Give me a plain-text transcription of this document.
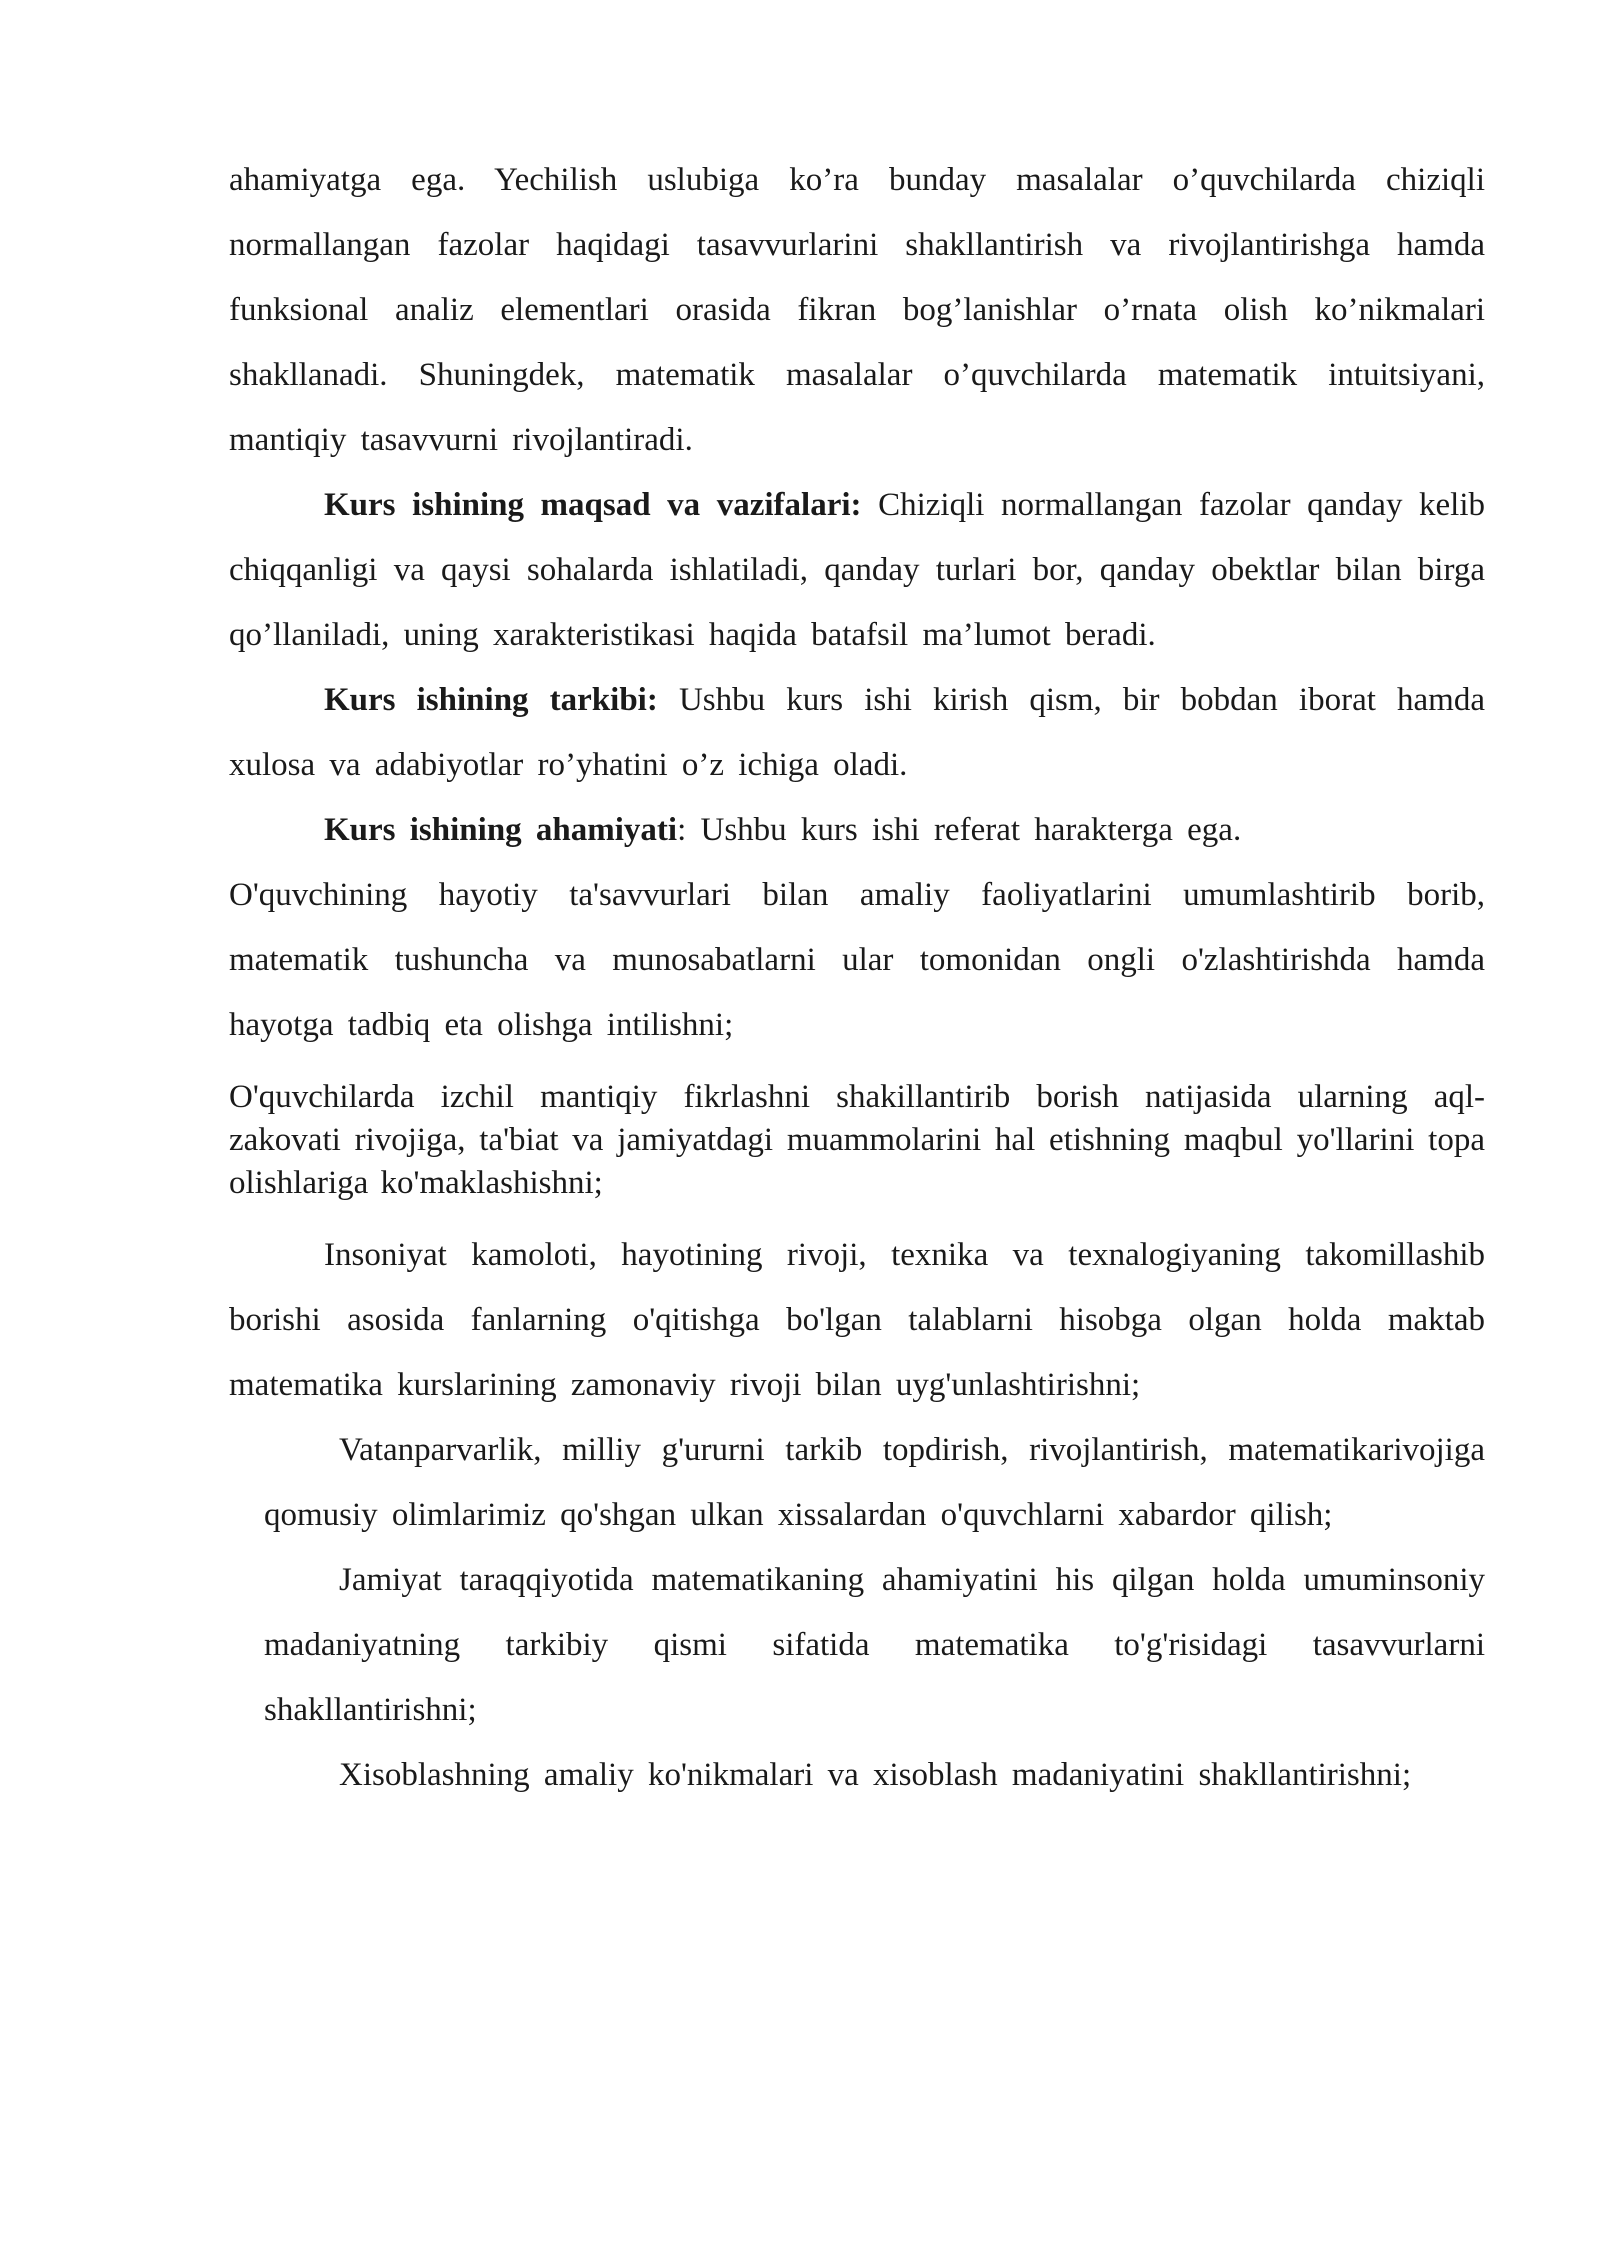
ahamiyatga ega. Yechilish uslubiga ko’ra bunday masalalar o’quvchilarda chiziqli normallangan fazolar haqidagi tasavvurlarini shakllantirish va rivojlantirishga hamda funksional analiz elementlari orasida fikran bog’lanishlar o’rnata olish ko’nikmalari shakllanadi. Shuningdek, matematik masalalar o’quvchilarda matematik intuitsiyani, mantiqiy tasavvurni rivojlantiradi.

Kurs ishining maqsad va vazifalari: Chiziqli normallangan fazolar qanday kelib chiqqanligi va qaysi sohalarda ishlatiladi, qanday turlari bor, qanday obektlar bilan birga qo’llaniladi, uning xarakteristikasi haqida batafsil ma’lumot beradi.

Kurs ishining tarkibi: Ushbu kurs ishi kirish qism, bir bobdan iborat hamda xulosa va adabiyotlar ro’yhatini o’z ichiga oladi.

Kurs ishining ahamiyati: Ushbu kurs ishi referat harakterga ega.

O'quvchining hayotiy ta'savvurlari bilan amaliy faoliyatlarini umumlashtirib borib, matematik tushuncha va munosabatlarni ular tomonidan ongli o'zlashtirishda hamda hayotga tadbiq eta olishga intilishni;

O'quvchilarda izchil mantiqiy fikrlashni shakillantirib borish natijasida ularning aql-zakovati rivojiga, ta'biat va jamiyatdagi muammolarini hal etishning maqbul yo'llarini topa olishlariga ko'maklashishni;

Insoniyat kamoloti, hayotining rivoji, texnika va texnalogiyaning takomillashib borishi asosida fanlarning o'qitishga bo'lgan talablarni hisobga olgan holda maktab matematika kurslarining zamonaviy rivoji bilan uyg'unlashtirishni;

Vatanparvarlik, milliy g'ururni tarkib topdirish, rivojlantirish, matematikarivojiga qomusiy olimlarimiz qo'shgan ulkan xissalardan o'quvchlarni xabardor qilish;

Jamiyat taraqqiyotida matematikaning ahamiyatini his qilgan holda umuminsoniy madaniyatning tarkibiy qismi sifatida matematika to'g'risidagi tasavvurlarni shakllantirishni;

Xisoblashning amaliy ko'nikmalari va xisoblash madaniyatini shakllantirishni;
